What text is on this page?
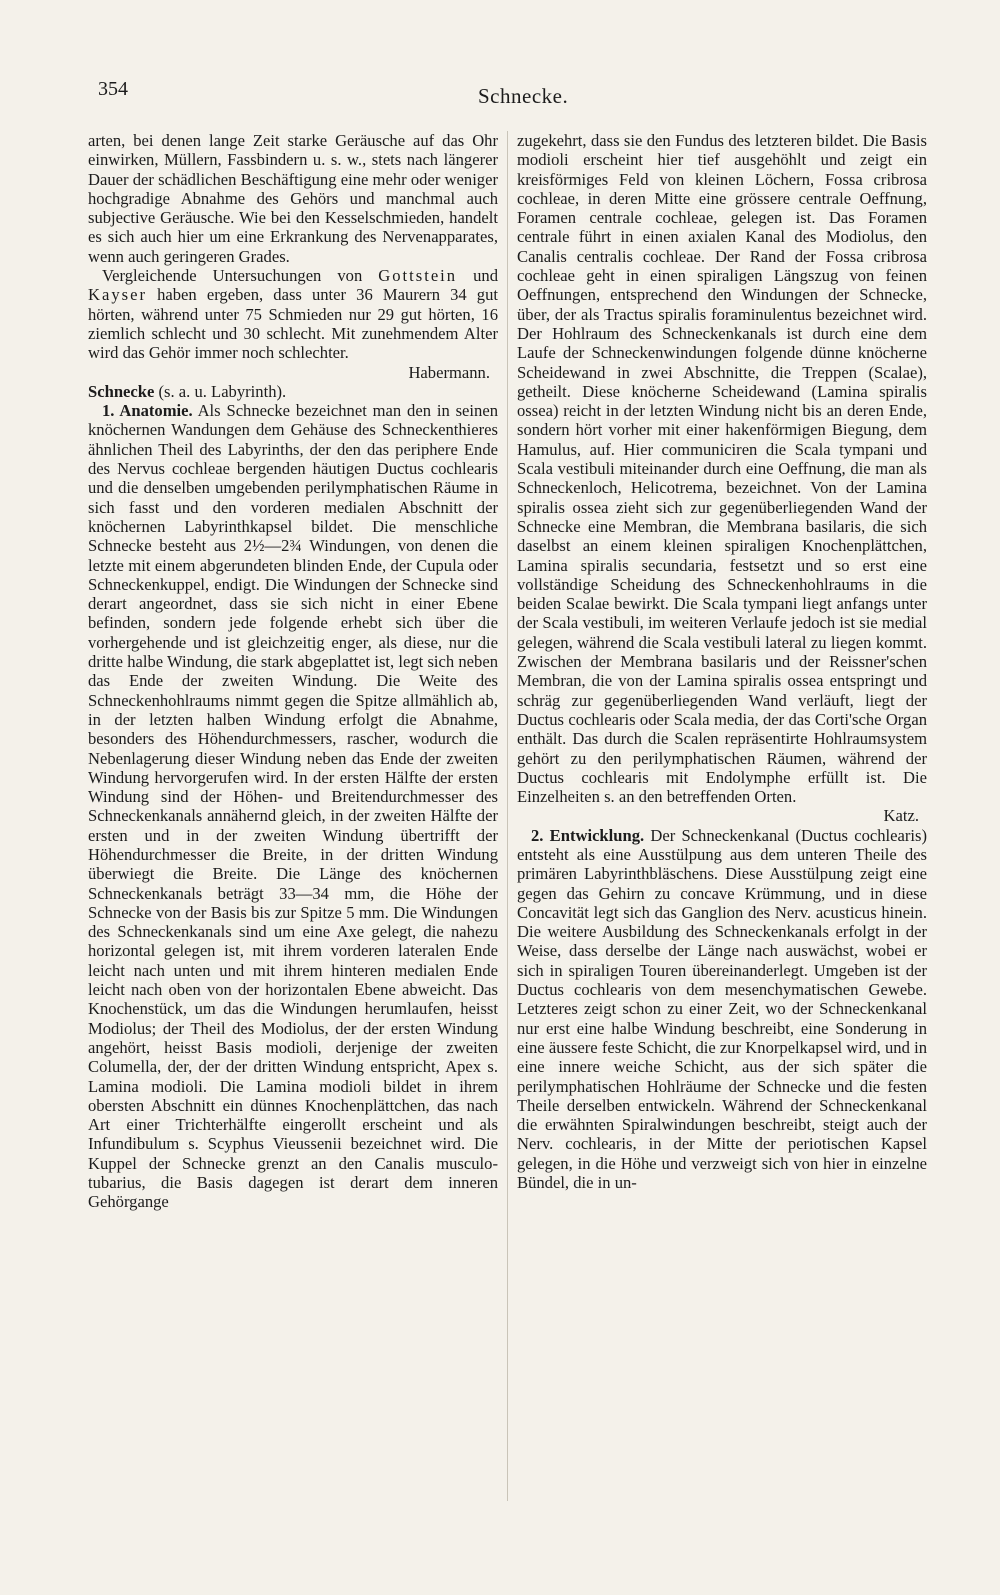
354	Schnecke.

arten, bei denen lange Zeit starke Geräusche auf das Ohr einwirken, Müllern, Fassbindern u. s. w., stets nach längerer Dauer der schädlichen Beschäftigung eine mehr oder weniger hochgradige Abnahme des Gehörs und manchmal auch subjective Geräusche. Wie bei den Kesselschmieden, handelt es sich auch hier um eine Erkrankung des Nervenapparates, wenn auch geringeren Grades.

Vergleichende Untersuchungen von Gottstein und Kayser haben ergeben, dass unter 36 Maurern 34 gut hörten, während unter 75 Schmieden nur 29 gut hörten, 16 ziemlich schlecht und 30 schlecht. Mit zunehmendem Alter wird das Gehör immer noch schlechter.

Habermann.

Schnecke (s. a. u. Labyrinth).

1. Anatomie. Als Schnecke bezeichnet man den in seinen knöchernen Wandungen dem Gehäuse des Schneckenthieres ähnlichen Theil des Labyrinths, der den das periphere Ende des Nervus cochleae bergenden häutigen Ductus cochlearis und die denselben umgebenden perilymphatischen Räume in sich fasst und den vorderen medialen Abschnitt der knöchernen Labyrinthkapsel bildet. Die menschliche Schnecke besteht aus 2½—2¾ Windungen, von denen die letzte mit einem abgerundeten blinden Ende, der Cupula oder Schneckenkuppel, endigt. Die Windungen der Schnecke sind derart angeordnet, dass sie sich nicht in einer Ebene befinden, sondern jede folgende erhebt sich über die vorhergehende und ist gleichzeitig enger, als diese, nur die dritte halbe Windung, die stark abgeplattet ist, legt sich neben das Ende der zweiten Windung. Die Weite des Schneckenhohlraums nimmt gegen die Spitze allmählich ab, in der letzten halben Windung erfolgt die Abnahme, besonders des Höhendurchmessers, rascher, wodurch die Nebenlagerung dieser Windung neben das Ende der zweiten Windung hervorgerufen wird. In der ersten Hälfte der ersten Windung sind der Höhen- und Breitendurchmesser des Schneckenkanals annähernd gleich, in der zweiten Hälfte der ersten und in der zweiten Windung übertrifft der Höhendurchmesser die Breite, in der dritten Windung überwiegt die Breite. Die Länge des knöchernen Schneckenkanals beträgt 33—34 mm, die Höhe der Schnecke von der Basis bis zur Spitze 5 mm. Die Windungen des Schneckenkanals sind um eine Axe gelegt, die nahezu horizontal gelegen ist, mit ihrem vorderen lateralen Ende leicht nach unten und mit ihrem hinteren medialen Ende leicht nach oben von der horizontalen Ebene abweicht. Das Knochenstück, um das die Windungen herumlaufen, heisst Modiolus; der Theil des Modiolus, der der ersten Windung angehört, heisst Basis modioli, derjenige der zweiten Columella, der, der der dritten Windung entspricht, Apex s. Lamina modioli. Die Lamina modioli bildet in ihrem obersten Abschnitt ein dünnes Knochenplättchen, das nach Art einer Trichterhälfte eingerollt erscheint und als Infundibulum s. Scyphus Vieussenii bezeichnet wird. Die Kuppel der Schnecke grenzt an den Canalis musculo-tubarius, die Basis dagegen ist derart dem inneren Gehörgange

zugekehrt, dass sie den Fundus des letzteren bildet. Die Basis modioli erscheint hier tief ausgehöhlt und zeigt ein kreisförmiges Feld von kleinen Löchern, Fossa cribrosa cochleae, in deren Mitte eine grössere centrale Oeffnung, Foramen centrale cochleae, gelegen ist. Das Foramen centrale führt in einen axialen Kanal des Modiolus, den Canalis centralis cochleae. Der Rand der Fossa cribrosa cochleae geht in einen spiraligen Längszug von feinen Oeffnungen, entsprechend den Windungen der Schnecke, über, der als Tractus spiralis foraminulentus bezeichnet wird. Der Hohlraum des Schneckenkanals ist durch eine dem Laufe der Schneckenwindungen folgende dünne knöcherne Scheidewand in zwei Abschnitte, die Treppen (Scalae), getheilt. Diese knöcherne Scheidewand (Lamina spiralis ossea) reicht in der letzten Windung nicht bis an deren Ende, sondern hört vorher mit einer hakenförmigen Biegung, dem Hamulus, auf. Hier communiciren die Scala tympani und Scala vestibuli miteinander durch eine Oeffnung, die man als Schneckenloch, Helicotrema, bezeichnet. Von der Lamina spiralis ossea zieht sich zur gegenüberliegenden Wand der Schnecke eine Membran, die Membrana basilaris, die sich daselbst an einem kleinen spiraligen Knochenplättchen, Lamina spiralis secundaria, festsetzt und so erst eine vollständige Scheidung des Schneckenhohlraums in die beiden Scalae bewirkt. Die Scala tympani liegt anfangs unter der Scala vestibuli, im weiteren Verlaufe jedoch ist sie medial gelegen, während die Scala vestibuli lateral zu liegen kommt. Zwischen der Membrana basilaris und der Reissner'schen Membran, die von der Lamina spiralis ossea entspringt und schräg zur gegenüberliegenden Wand verläuft, liegt der Ductus cochlearis oder Scala media, der das Corti'sche Organ enthält. Das durch die Scalen repräsentirte Hohlraumsystem gehört zu den perilymphatischen Räumen, während der Ductus cochlearis mit Endolymphe erfüllt ist. Die Einzelheiten s. an den betreffenden Orten.

Katz.

2. Entwicklung. Der Schneckenkanal (Ductus cochlearis) entsteht als eine Ausstülpung aus dem unteren Theile des primären Labyrinthbläschens. Diese Ausstülpung zeigt eine gegen das Gehirn zu concave Krümmung, und in diese Concavität legt sich das Ganglion des Nerv. acusticus hinein. Die weitere Ausbildung des Schneckenkanals erfolgt in der Weise, dass derselbe der Länge nach auswächst, wobei er sich in spiraligen Touren übereinanderlegt. Umgeben ist der Ductus cochlearis von dem mesenchymatischen Gewebe. Letzteres zeigt schon zu einer Zeit, wo der Schneckenkanal nur erst eine halbe Windung beschreibt, eine Sonderung in eine äussere feste Schicht, die zur Knorpelkapsel wird, und in eine innere weiche Schicht, aus der sich später die perilymphatischen Hohlräume der Schnecke und die festen Theile derselben entwickeln. Während der Schneckenkanal die erwähnten Spiralwindungen beschreibt, steigt auch der Nerv. cochlearis, in der Mitte der periotischen Kapsel gelegen, in die Höhe und verzweigt sich von hier in einzelne Bündel, die in un-
